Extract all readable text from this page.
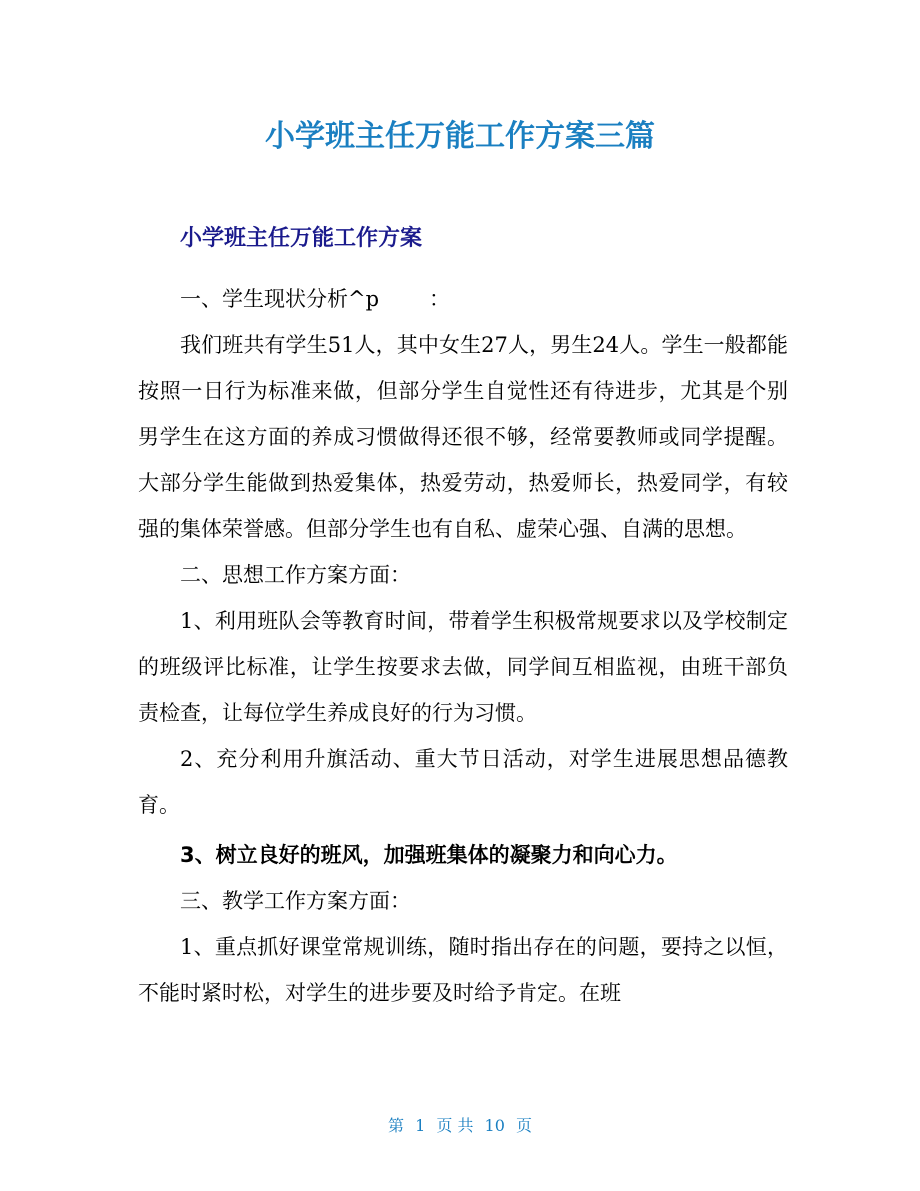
小学班主任万能工作方案三篇
小学班主任万能工作方案

一、学生现状分析^p ：

我们班共有学生51人，其中女生27人，男生24人。学生一般都能按照一日行为标准来做，但部分学生自觉性还有待进步，尤其是个别男学生在这方面的养成习惯做得还很不够，经常要教师或同学提醒。大部分学生能做到热爱集体，热爱劳动，热爱师长，热爱同学，有较强的集体荣誉感。但部分学生也有自私、虚荣心强、自满的思想。

二、思想工作方案方面：

1、利用班队会等教育时间，带着学生积极常规要求以及学校制定的班级评比标准，让学生按要求去做，同学间互相监视，由班干部负责检查，让每位学生养成良好的行为习惯。

2、充分利用升旗活动、重大节日活动，对学生进展思想品德教育。

3、树立良好的班风，加强班集体的凝聚力和向心力。

三、教学工作方案方面：

1、重点抓好课堂常规训练，随时指出存在的问题，要持之以恒，不能时紧时松，对学生的进步要及时给予肯定。在班

第 1 页 共 10 页
